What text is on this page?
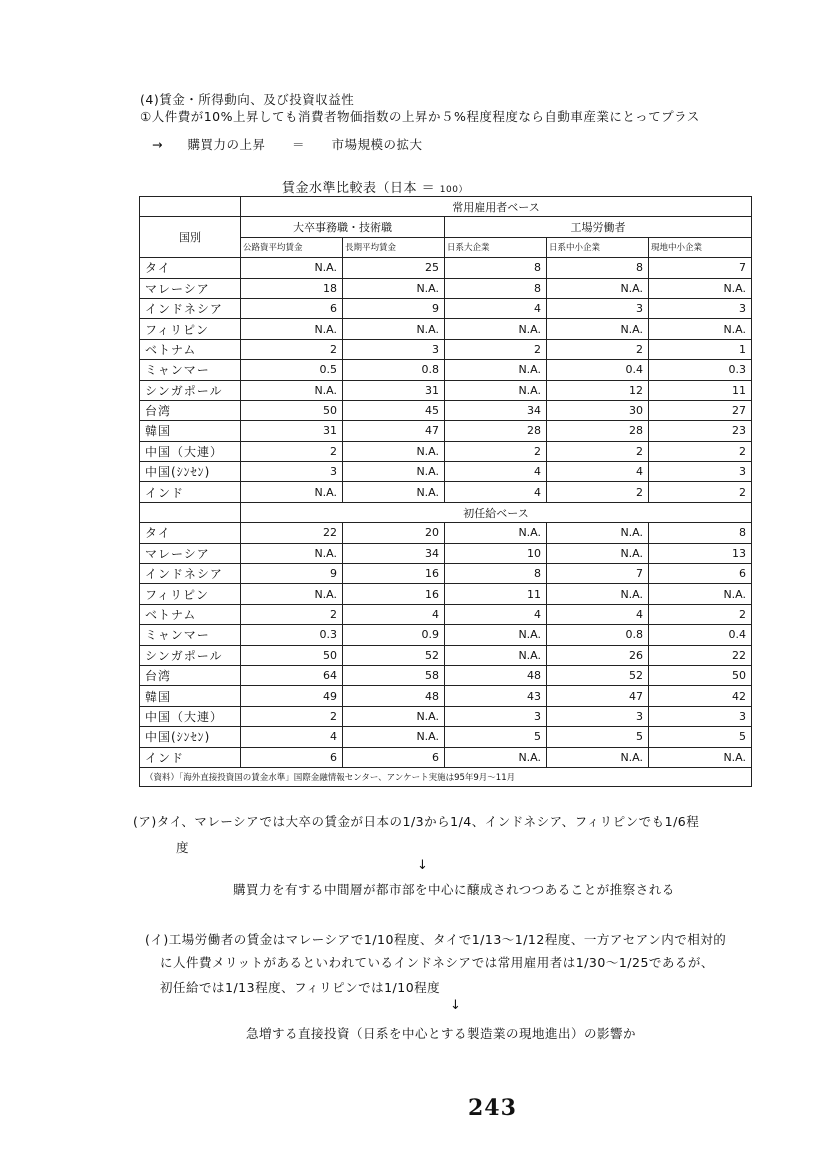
(4)賃金・所得動向、及び投資収益性
①人件費が10%上昇しても消費者物価指数の上昇か５%程度程度なら自動車産業にとってプラス
→ 購買力の上昇 ＝ 市場規模の拡大
賃金水準比較表（日本 ＝ 100）
	常用雇用者ベース				
国別	大卒事務職・技術職		工場労働者		
	公路資平均賃金	長期平均賃金	日系大企業	日系中小企業	現地中小企業
タイ	N.A.	25	8	8	7
マレーシア	18	N.A.	8	N.A.	N.A.
インドネシア	6	9	4	3	3
フィリピン	N.A.	N.A.	N.A.	N.A.	N.A.
ベトナム	2	3	2	2	1
ミャンマー	0.5	0.8	N.A.	0.4	0.3
シンガポール	N.A.	31	N.A.	12	11
台湾	50	45	34	30	27
韓国	31	47	28	28	23
中国（大連）	2	N.A.	2	2	2
中国(ｼﾝｾﾝ)	3	N.A.	4	4	3
インド	N.A.	N.A.	4	2	2
	初任給ベース				
タイ	22	20	N.A.	N.A.	8
マレーシア	N.A.	34	10	N.A.	13
インドネシア	9	16	8	7	6
フィリピン	N.A.	16	11	N.A.	N.A.
ベトナム	2	4	4	4	2
ミャンマー	0.3	0.9	N.A.	0.8	0.4
シンガポール	50	52	N.A.	26	22
台湾	64	58	48	52	50
韓国	49	48	43	47	42
中国（大連）	2	N.A.	3	3	3
中国(ｼﾝｾﾝ)	4	N.A.	5	5	5
インド	6	6	N.A.	N.A.	N.A.
（資料）「海外直接投資国の賃金水準」国際金融情報センター、アンケート実施は95年9月～11月					
(ア)タイ、マレーシアでは大卒の賃金が日本の1/3から1/4、インドネシア、フィリピンでも1/6程
度
↓
購買力を有する中間層が都市部を中心に醸成されつつあることが推察される
(イ)工場労働者の賃金はマレーシアで1/10程度、タイで1/13～1/12程度、一方アセアン内で相対的
に人件費メリットがあるといわれているインドネシアでは常用雇用者は1/30～1/25であるが、
初任給では1/13程度、フィリピンでは1/10程度
↓
急増する直接投資（日系を中心とする製造業の現地進出）の影響か
243
